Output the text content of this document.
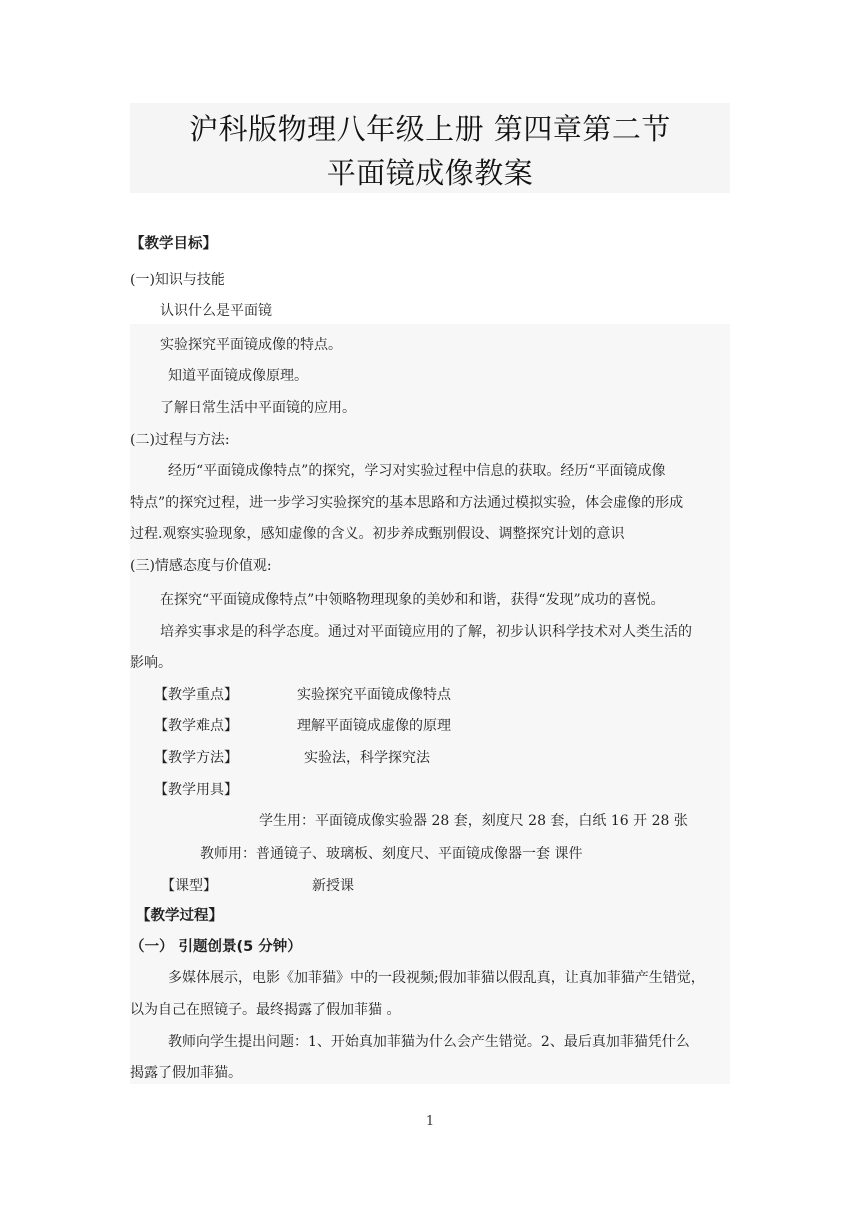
沪科版物理八年级上册 第四章第二节
平面镜成像教案
【教学目标】
(一)知识与技能
认识什么是平面镜
实验探究平面镜成像的特点。
知道平面镜成像原理。
了解日常生活中平面镜的应用。
(二)过程与方法:
经历“平面镜成像特点”的探究，学习对实验过程中信息的获取。经历“平面镜成像
特点”的探究过程，进一步学习实验探究的基本思路和方法通过模拟实验，体会虚像的形成
过程.观察实验现象，感知虚像的含义。初步养成甄别假设、调整探究计划的意识
(三)情感态度与价值观:
在探究“平面镜成像特点”中领略物理现象的美妙和和谐，获得“发现”成功的喜悦。
培养实事求是的科学态度。通过对平面镜应用的了解，初步认识科学技术对人类生活的
影响。
【教学重点】	实验探究平面镜成像特点
【教学难点】	理解平面镜成虚像的原理
【教学方法】	实验法，科学探究法
【教学用具】
学生用：平面镜成像实验器 28 套，刻度尺 28 套，白纸 16 开 28 张
教师用：普通镜子、玻璃板、刻度尺、平面镜成像器一套 课件
【课型】	新授课
【教学过程】
（一） 引题创景(5 分钟）
多媒体展示，电影《加菲猫》中的一段视频;假加菲猫以假乱真，让真加菲猫产生错觉，
以为自己在照镜子。最终揭露了假加菲猫 。
教师向学生提出问题：1、开始真加菲猫为什么会产生错觉。2、最后真加菲猫凭什么
揭露了假加菲猫。
1
